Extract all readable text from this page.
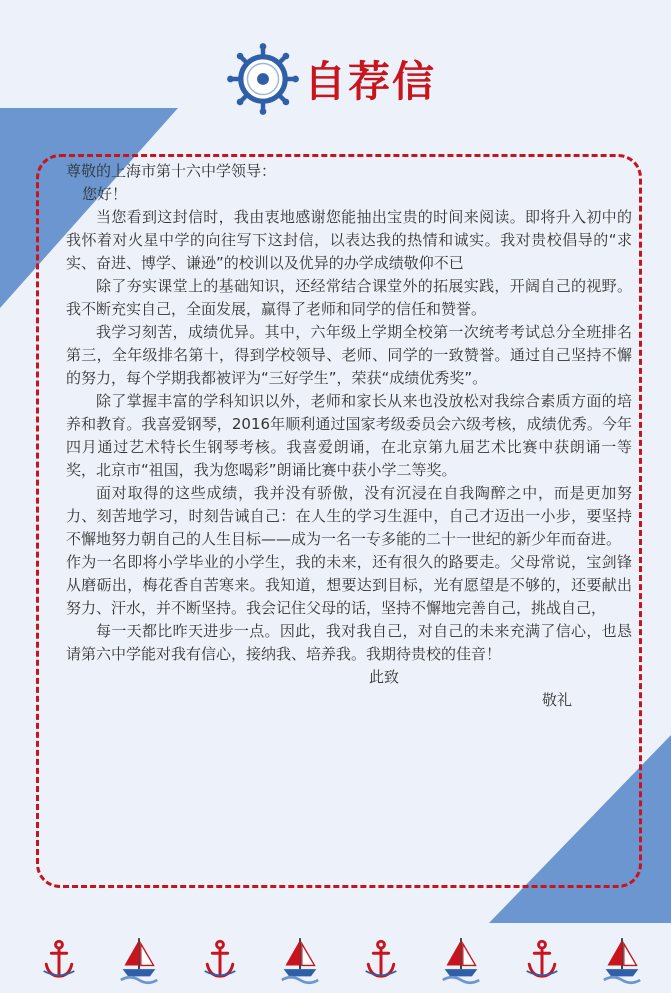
自荐信

尊敬的上海市第十六中学领导：

您好！

当您看到这封信时，我由衷地感谢您能抽出宝贵的时间来阅读。即将升入初中的我怀着对火星中学的向往写下这封信，以表达我的热情和诚实。我对贵校倡导的“求实、奋进、博学、谦逊”的校训以及优异的办学成绩敬仰不已

除了夯实课堂上的基础知识，还经常结合课堂外的拓展实践，开阔自己的视野。我不断充实自己，全面发展，赢得了老师和同学的信任和赞誉。

我学习刻苦，成绩优异。其中，六年级上学期全校第一次统考考试总分全班排名第三，全年级排名第十，得到学校领导、老师、同学的一致赞誉。通过自己坚持不懈的努力，每个学期我都被评为“三好学生”，荣获“成绩优秀奖”。

除了掌握丰富的学科知识以外，老师和家长从来也没放松对我综合素质方面的培养和教育。我喜爱钢琴，2016年顺利通过国家考级委员会六级考核，成绩优秀。今年四月通过艺术特长生钢琴考核。我喜爱朗诵，在北京第九届艺术比赛中获朗诵一等奖，北京市“祖国，我为您喝彩”朗诵比赛中获小学二等奖。

面对取得的这些成绩，我并没有骄傲，没有沉浸在自我陶醉之中，而是更加努力、刻苦地学习，时刻告诫自己：在人生的学习生涯中，自己才迈出一小步，要坚持不懈地努力朝自己的人生目标——成为一名一专多能的二十一世纪的新少年而奋进。

作为一名即将小学毕业的小学生，我的未来，还有很久的路要走。父母常说，宝剑锋从磨砺出，梅花香自苦寒来。我知道，想要达到目标，光有愿望是不够的，还要献出努力、汗水，并不断坚持。我会记住父母的话，坚持不懈地完善自己，挑战自己，

每一天都比昨天进步一点。因此，我对我自己，对自己的未来充满了信心，也恳请第六中学能对我有信心，接纳我、培养我。我期待贵校的佳音！

此致

敬礼
